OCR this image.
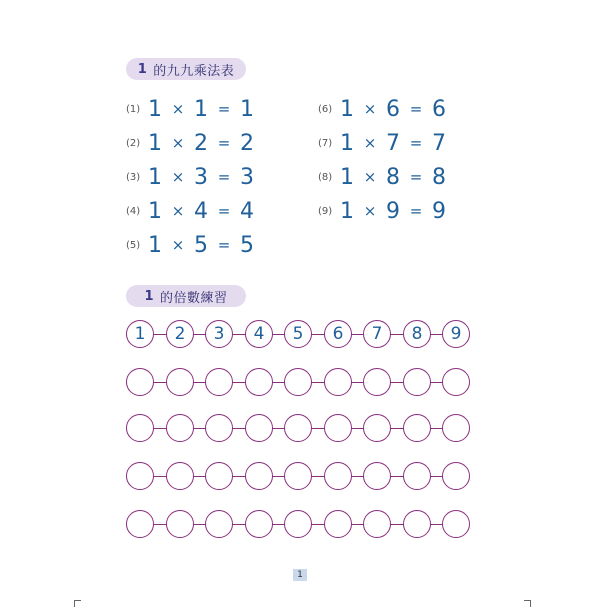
1 的九九乘法表
(1) 1 × 1 = 1
(2) 1 × 2 = 2
(3) 1 × 3 = 3
(4) 1 × 4 = 4
(5) 1 × 5 = 5
(6) 1 × 6 = 6
(7) 1 × 7 = 7
(8) 1 × 8 = 8
(9) 1 × 9 = 9
1 的倍數練習
1	2	3	4	5	6	7	8	9
1
